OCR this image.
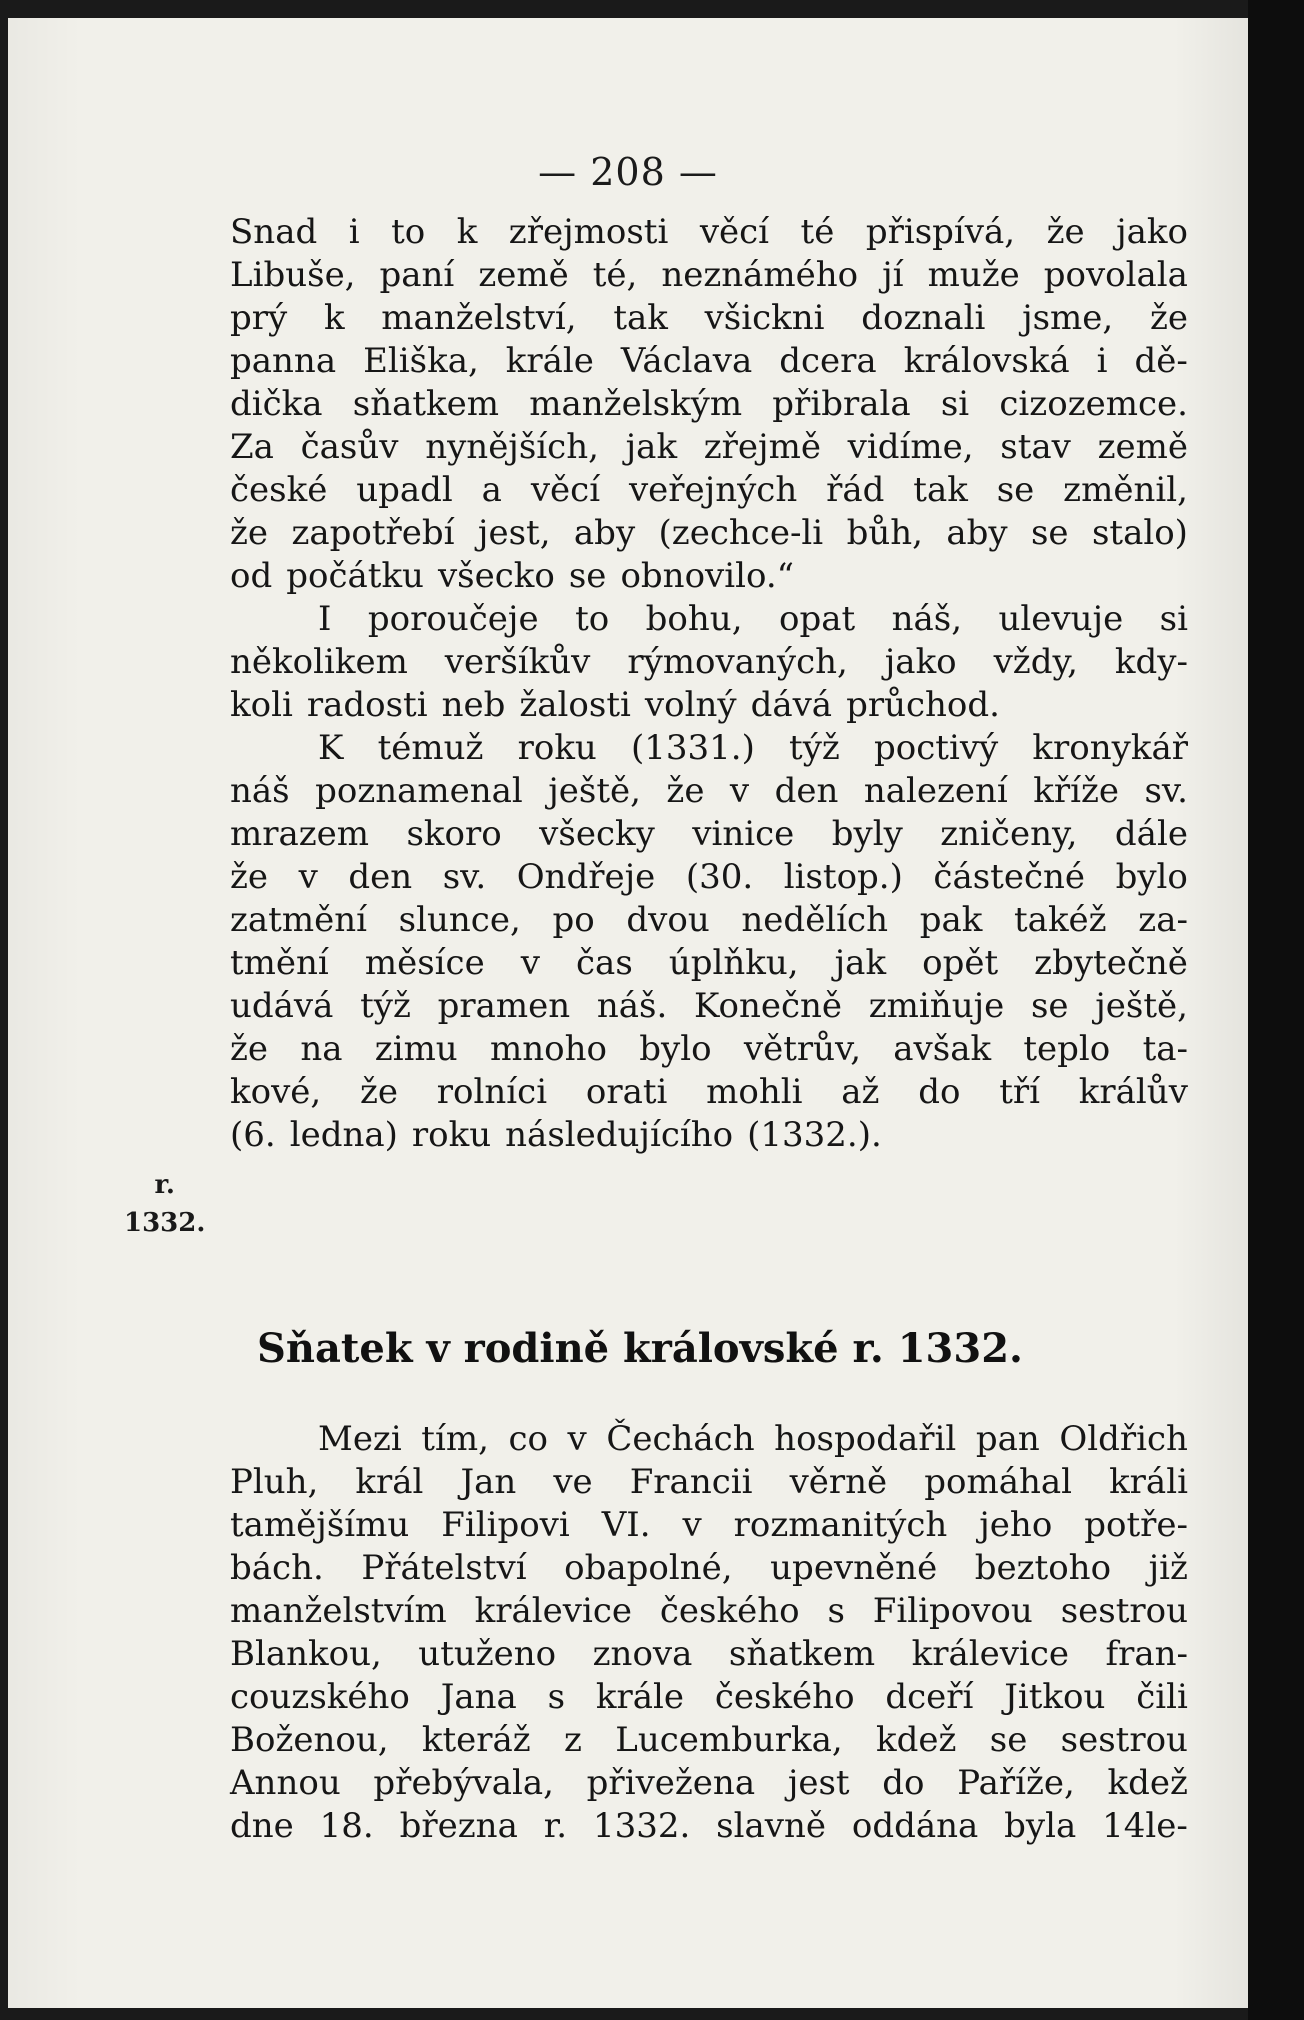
— 208 —
Snad i to k zřejmosti věcí té přispívá, že jako
Libuše, paní země té, neznámého jí muže povolala
prý k manželství, tak všickni doznali jsme, že
panna Eliška, krále Václava dcera královská i dě-
dička sňatkem manželským přibrala si cizozemce.
Za časův nynějších, jak zřejmě vidíme, stav země
české upadl a věcí veřejných řád tak se změnil,
že zapotřebí jest, aby (zechce-li bůh, aby se stalo)
od počátku všecko se obnovilo.“
I poroučeje to bohu, opat náš, ulevuje si
několikem veršíkův rýmovaných, jako vždy, kdy-
koli radosti neb žalosti volný dává průchod.
K témuž roku (1331.) týž poctivý kronykář
náš poznamenal ještě, že v den nalezení kříže sv.
mrazem skoro všecky vinice byly zničeny, dále
že v den sv. Ondřeje (30. listop.) částečné bylo
zatmění slunce, po dvou nedělích pak takéž za-
tmění měsíce v čas úplňku, jak opět zbytečně
udává týž pramen náš. Konečně zmiňuje se ještě,
že na zimu mnoho bylo větrův, avšak teplo ta-
kové, že rolníci orati mohli až do tří králův
(6. ledna) roku následujícího (1332.).
r.
1332.
Sňatek v rodině královské r. 1332.
Mezi tím, co v Čechách hospodařil pan Oldřich
Pluh, král Jan ve Francii věrně pomáhal králi
tamějšímu Filipovi VI. v rozmanitých jeho potře-
bách. Přátelství obapolné, upevněné beztoho již
manželstvím králevice českého s Filipovou sestrou
Blankou, utuženo znova sňatkem králevice fran-
couzského Jana s krále českého dceří Jitkou čili
Boženou, kteráž z Lucemburka, kdež se sestrou
Annou přebývala, přivežena jest do Paříže, kdež
dne 18. března r. 1332. slavně oddána byla 14le-
